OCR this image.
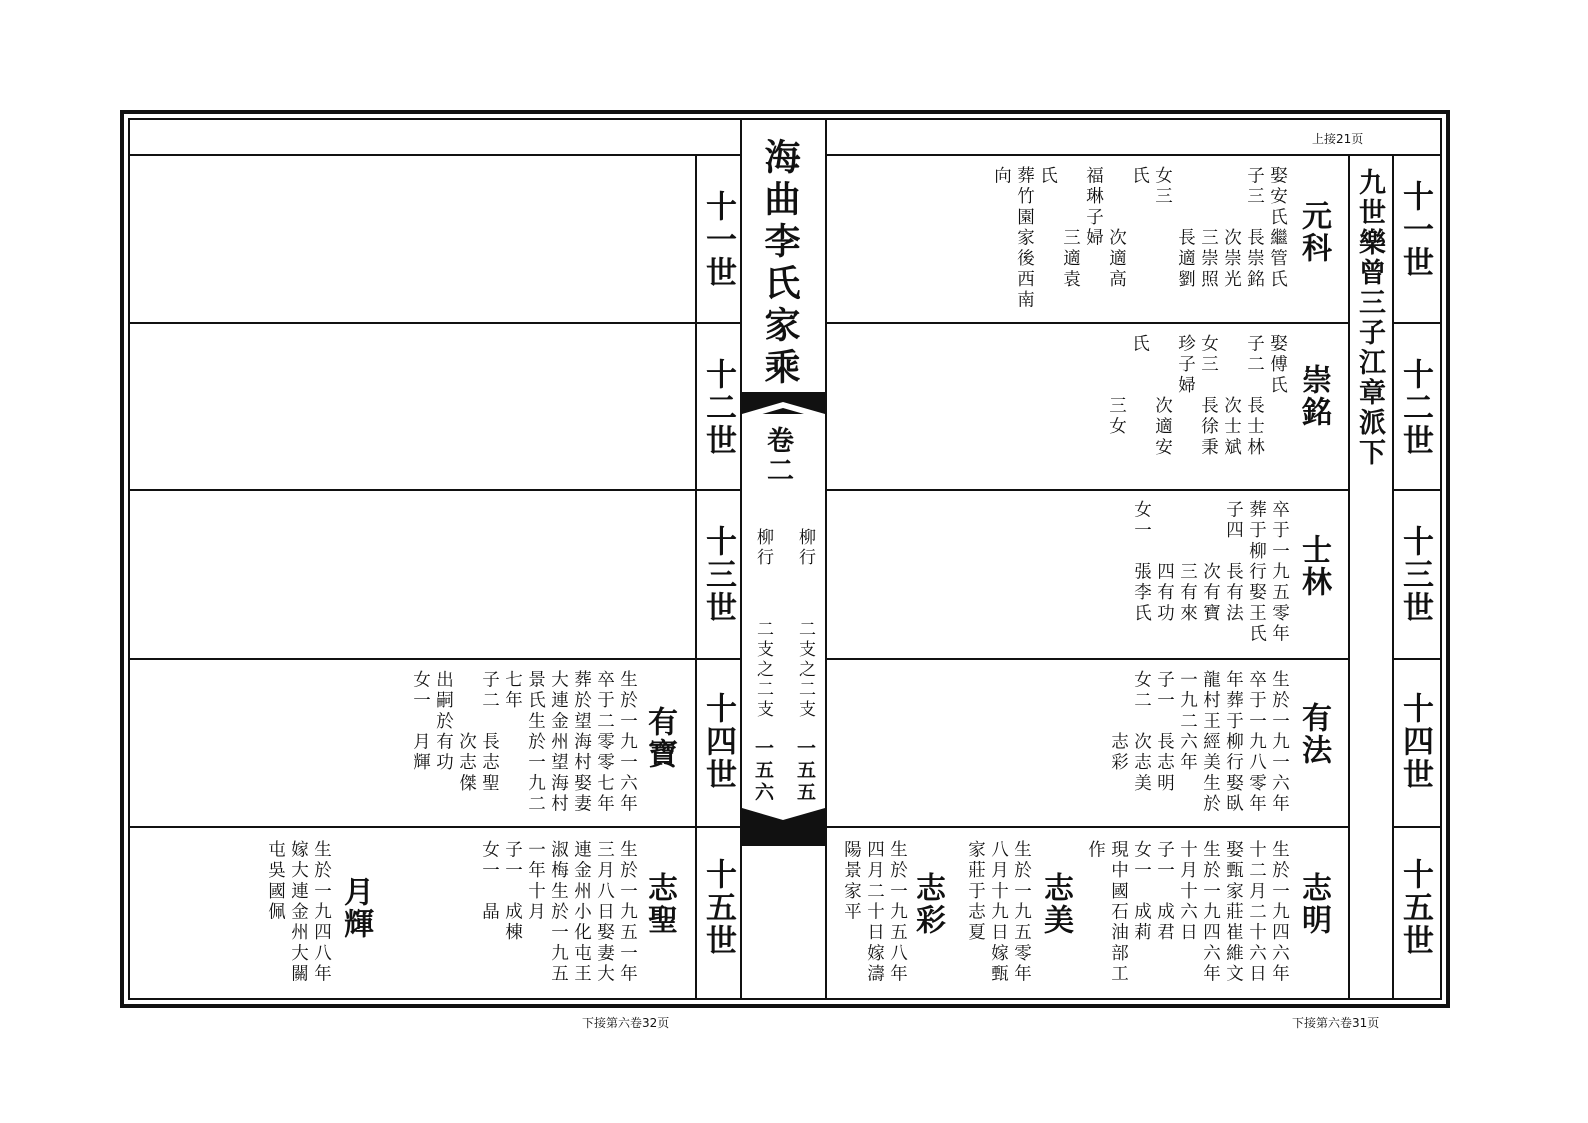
上接21页
海曲李氏家乘
卷二
柳行
柳行
二支之二支
二支之二支
一五五
一五六
十一世
十二世
十三世
十四世
十五世
十一世
十二世
十三世
十四世
十五世
九世樂曾三子江章派下
下接第六卷32页	下接第六卷31页
元科
娶安氏繼管氏
子三　長崇銘
　　　次崇光
　　　三崇照
　　　長適劉
女三
氏
　　　次適高
福琳子婦
　　　三適袁
氏
葬竹園家後西南
向
崇銘
娶傅氏
子二　長士林
　　　次士斌
女三　長徐秉
珍子婦
　　　次適安
氏
　　　三女
士林
卒于一九五零年
葬于柳行娶王氏
子四　長有法
　　　次有寶
　　　三有來
　　　四有功
女一　張李氏
有法
生於一九一六年
卒于一九八零年
年葬于柳行娶臥
龍村王經美生於
一九二六年
子一　長志明
女二　次志美
　　　志彩
有寶
生於一九一六年
卒于二零零七年
葬於望海村娶妻
大連金州望海村
景氏生於一九二
七年
子二　長志聖
　　　次志傑
出嗣於有功
女一　月輝
志明
生於一九四六年
十二月二十六日
娶甄家莊崔維文
生於一九四六年
十月十六日
子一　成君
女一　成莉
現中國石油部工
作
志美
生於一九五零年
八月十九日嫁甄
家莊于志夏
志彩
生於一九五八年
四月二十日嫁濤
陽景家平
志聖
生於一九五一年
三月八日娶妻大
連金州小化屯王
淑梅生於一九五
一年十月
子一　成棟
女一　晶
月輝
生於一九四八年
嫁大連金州大關
屯吳國佩
